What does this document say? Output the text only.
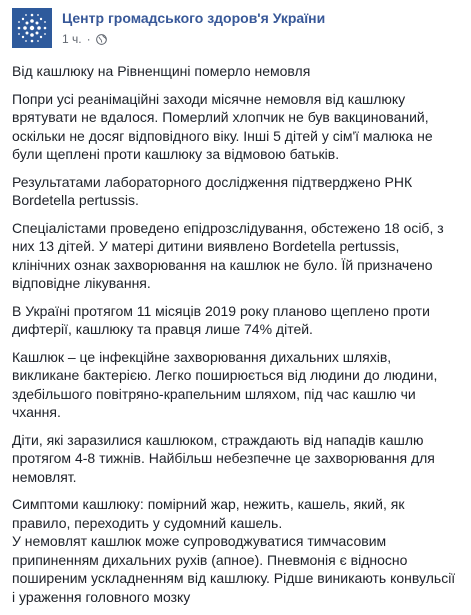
Центр громадського здоров'я України
1 ч. ·

Від кашлюку на Рівненщині померло немовля

Попри усі реанімаційні заходи місячне немовля від кашлюку врятувати не вдалося. Померлий хлопчик не був вакцинований, оскільки не досяг відповідного віку. Інші 5 дітей у сім'ї малюка не були щеплені проти кашлюку за відмовою батьків.

Результатами лабораторного дослідження підтверджено РНК Bordetella pertussis.

Спеціалістами проведено епідрозслідування, обстежено 18 осіб, з них 13 дітей. У матері дитини виявлено Bordetella pertussis, клінічних ознак захворювання на кашлюк не було. Їй призначено відповідне лікування.

В Україні протягом 11 місяців 2019 року планово щеплено проти дифтерії, кашлюку та правця лише 74% дітей.

Кашлюк – це інфекційне захворювання дихальних шляхів, викликане бактерією. Легко поширюється від людини до людини, здебільшого повітряно-крапельним шляхом, під час кашлю чи чхання.

Діти, які заразилися кашлюком, страждають від нападів кашлю протягом 4-8 тижнів. Найбільш небезпечне це захворювання для немовлят.

Симптоми кашлюку: помірний жар, нежить, кашель, який, як правило, переходить у судомний кашель.

У немовлят кашлюк може супроводжуватися тимчасовим припиненням дихальних рухів (апное). Пневмонія є відносно поширеним ускладненням від кашлюку. Рідше виникають конвульсії і ураження головного мозку
